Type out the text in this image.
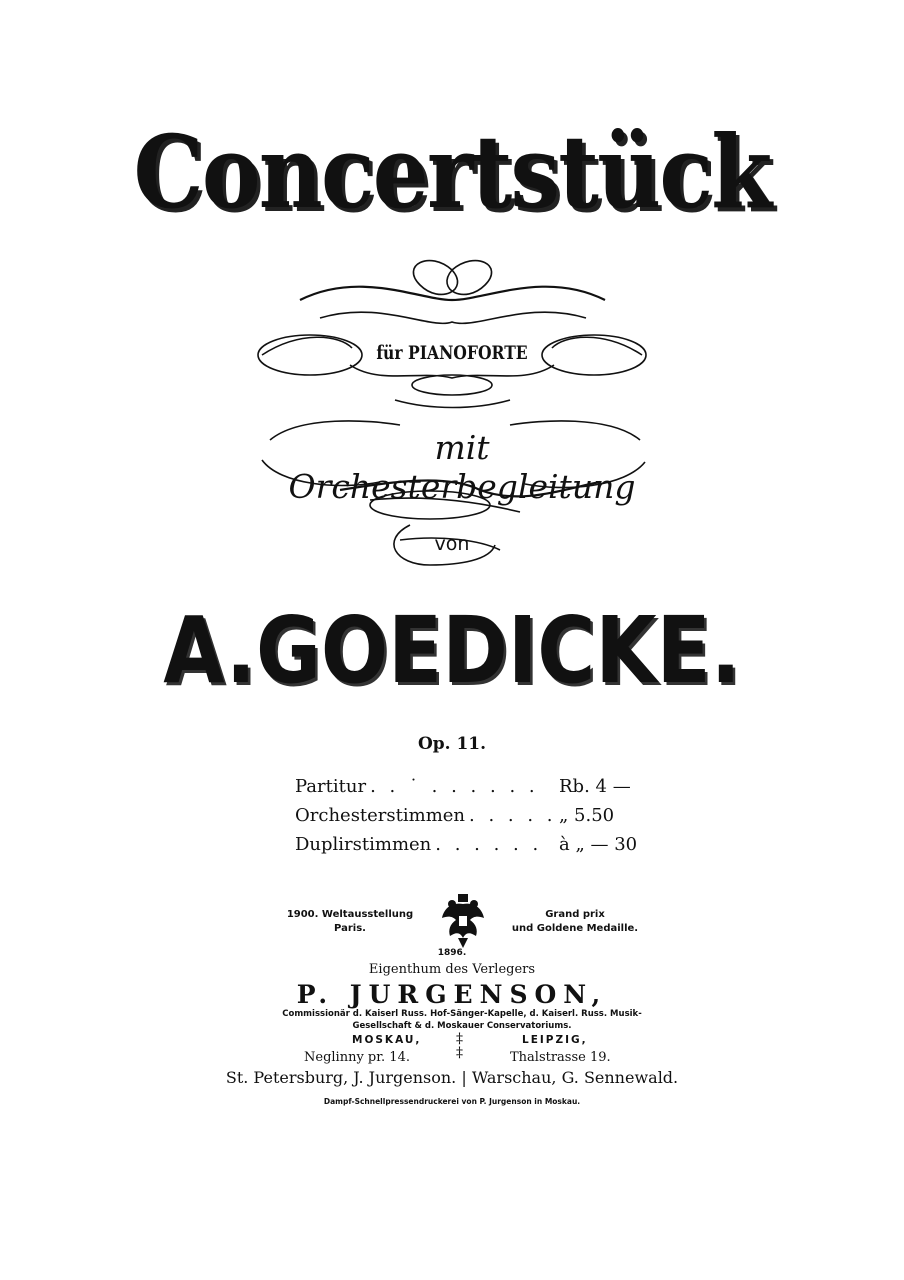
Concertstück
für PIANOFORTE
mit Orchesterbegleitung
von
A.GOEDICKE.
Op. 11.
Partitur . . ˙ . . . . . .	Rb. 4 —
Orchesterstimmen . . . . . „ 5.50
Duplirstimmen . . . . . . à „ — 30
1900. Weltausstellung
Paris.
Grand prix
und Goldene Medaille.
1896.
Eigenthum des Verlegers
P. JURGENSON,
Commissionär d. Kaiserl Russ. Hof-Sänger-Kapelle, d. Kaiserl. Russ. Musik-
Gesellschaft & d. Moskauer Conservatoriums.
MOSKAU, ‡
‡
LEIPZIG,
Neglinny pr. 14.	Thalstrasse 19.
St. Petersburg, J. Jurgenson. | Warschau, G. Sennewald.
Dampf-Schnellpressendruckerei von P. Jurgenson in Moskau.
